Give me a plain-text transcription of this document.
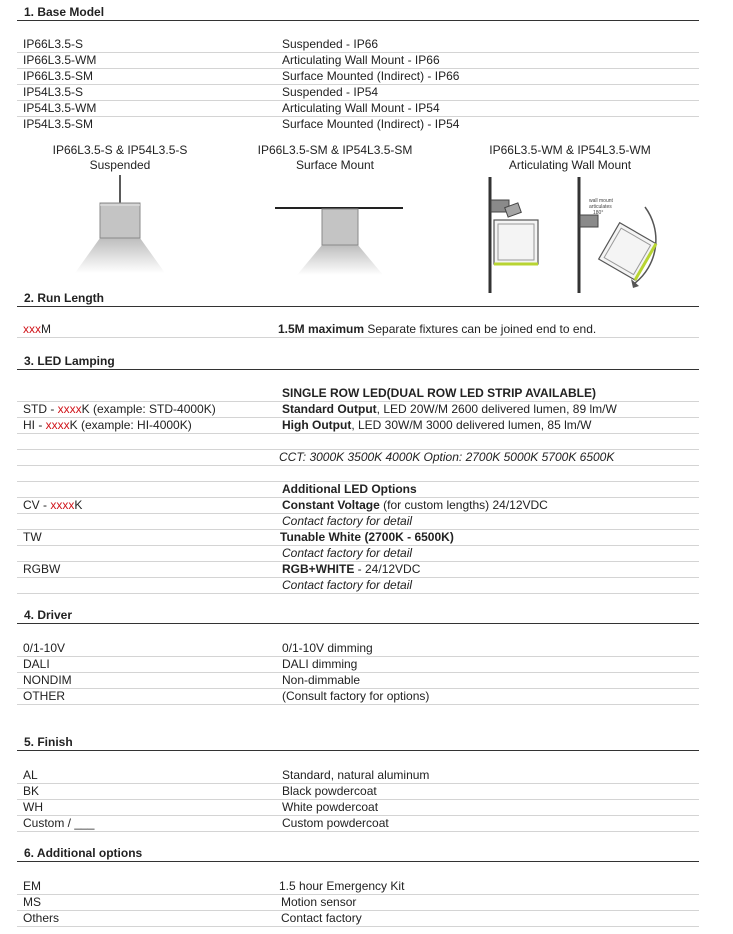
1. Base Model
IP66L3.5-S	Suspended - IP66
IP66L3.5-WM	Articulating Wall Mount - IP66
IP66L3.5-SM	Surface Mounted (Indirect) - IP66
IP54L3.5-S	Suspended - IP54
IP54L3.5-WM	Articulating Wall Mount - IP54
IP54L3.5-SM	Surface Mounted (Indirect) - IP54
IP66L3.5-S & IP54L3.5-S
Suspended
IP66L3.5-SM & IP54L3.5-SM
Surface Mount
IP66L3.5-WM & IP54L3.5-WM
Articulating Wall Mount
wall mount
articulates
180°
2. Run Length
xxxM	1.5M maximum Separate fixtures can be joined end to end.
3. LED Lamping
SINGLE ROW LED(DUAL ROW LED STRIP AVAILABLE)
STD - xxxxK (example: STD-4000K)	Standard Output, LED 20W/M 2600 delivered lumen, 89 lm/W
HI - xxxxK (example: HI-4000K)	High Output, LED 30W/M 3000 delivered lumen, 85 lm/W
CCT: 3000K 3500K 4000K Option: 2700K 5000K 5700K 6500K
Additional LED Options
CV - xxxxK	Constant Voltage (for custom lengths) 24/12VDC
Contact factory for detail
TW	Tunable White (2700K - 6500K)
Contact factory for detail
RGBW	RGB+WHITE - 24/12VDC
Contact factory for detail
4. Driver
0/1-10V	0/1-10V dimming
DALI	DALI dimming
NONDIM	Non-dimmable
OTHER	(Consult factory for options)
5. Finish
AL	Standard, natural aluminum
BK	Black powdercoat
WH	White powdercoat
Custom / ___	Custom powdercoat
6. Additional options
EM	1.5 hour Emergency Kit
MS	Motion sensor
Others	Contact factory
